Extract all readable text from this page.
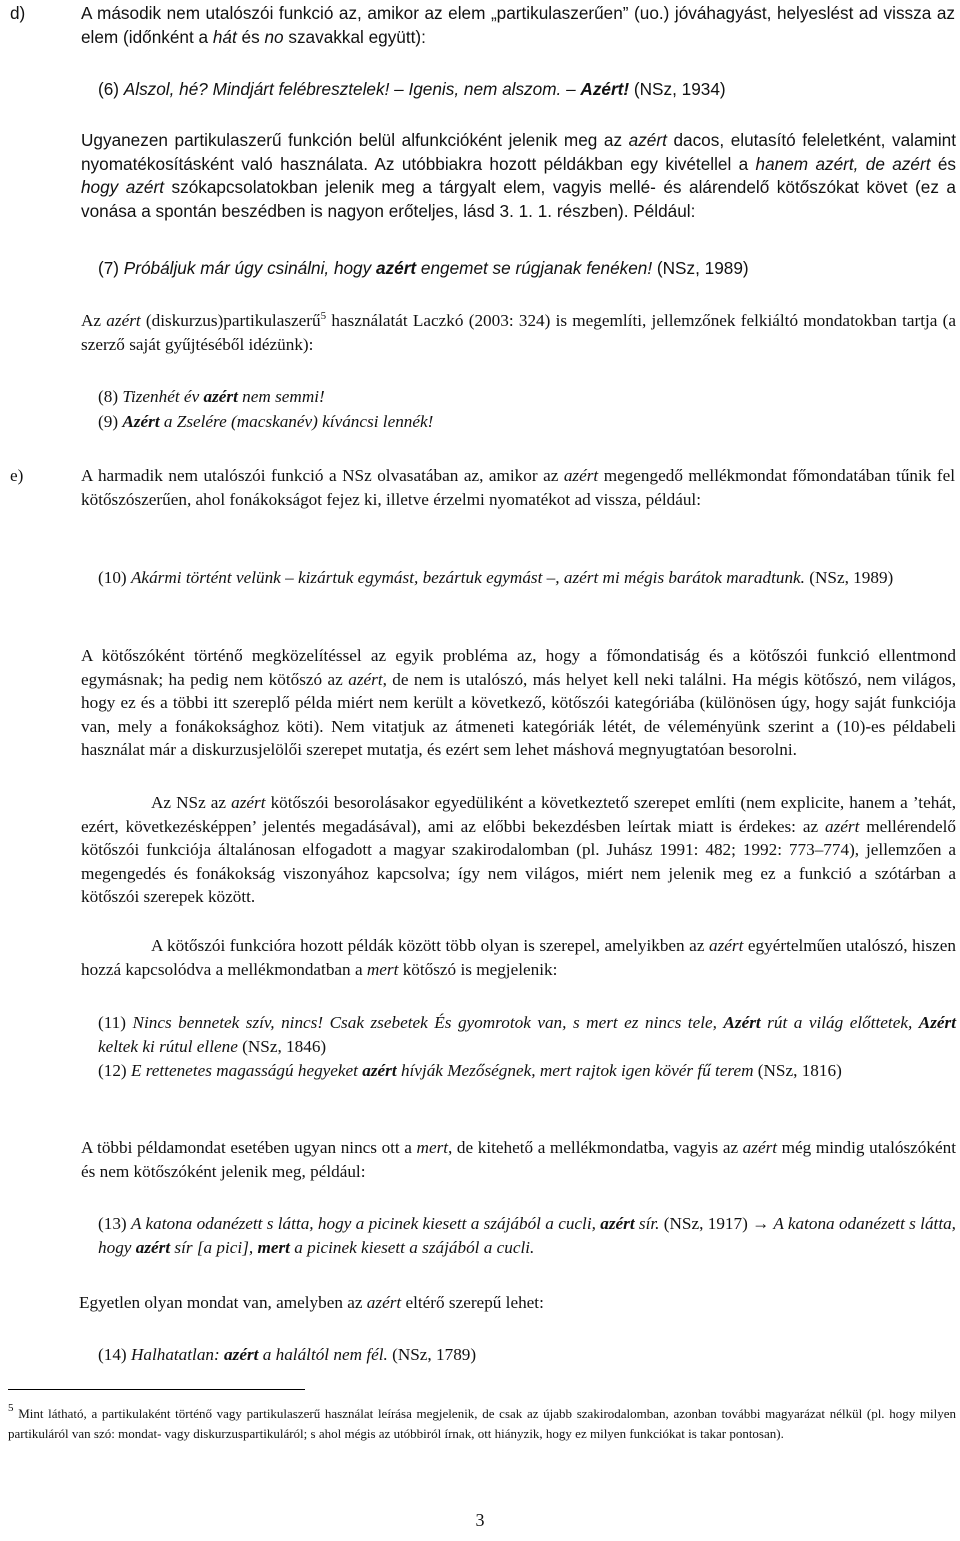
d)	A második nem utalószói funkció az, amikor az elem „partikulaszerűen” (uo.) jóváhagyást, helyeslést ad vissza az elem (időnként a hát és no szavakkal együtt):
(6) Alszol, hé? Mindjárt felébresztelek! – Igenis, nem alszom. – Azért! (NSz, 1934)
Ugyanezen partikulaszerű funkción belül alfunkcióként jelenik meg az azért dacos, elutasító feleletként, valamint nyomatékosításként való használata. Az utóbbiakra hozott példákban egy kivétellel a hanem azért, de azért és hogy azért szókapcsolatokban jelenik meg a tárgyalt elem, vagyis mellé- és alárendelő kötőszókat követ (ez a vonása a spontán beszédben is nagyon erőteljes, lásd 3. 1. 1. részben). Például:
(7) Próbáljuk már úgy csinálni, hogy azért engemet se rúgjanak fenéken! (NSz, 1989)
Az azért (diskurzus)partikulaszerű$^5$ használatát Laczkó (2003: 324) is megemlíti, jellemzőnek felkiáltó mondatokban tartja (a szerző saját gyűjtéséből idézünk):
(8) Tizenhét év azért nem semmi!
(9) Azért a Zselére (macskanév) kíváncsi lennék!
e)	A harmadik nem utalószói funkció a NSz olvasatában az, amikor az azért megengedő mellékmondat főmondatában tűnik fel kötőszószerűen, ahol fonákokságot fejez ki, illetve érzelmi nyomatékot ad vissza, például:
(10) Akármi történt velünk – kizártuk egymást, bezártuk egymást –, azért mi mégis barátok maradtunk. (NSz, 1989)
A kötőszóként történő megközelítéssel az egyik probléma az, hogy a főmondatiság és a kötőszói funkció ellentmond egymásnak; ha pedig nem kötőszó az azért, de nem is utalószó, más helyet kell neki találni. Ha mégis kötőszó, nem világos, hogy ez és a többi itt szereplő példa miért nem került a következő, kötőszói kategóriába (különösen úgy, hogy saját funkciója van, mely a fonákoksághoz köti). Nem vitatjuk az átmeneti kategóriák létét, de véleményünk szerint a (10)-es példabeli használat már a diskurzusjelölői szerepet mutatja, és ezért sem lehet máshová megnyugtatóan besorolni.
Az NSz az azért kötőszói besorolásakor egyedüliként a következtető szerepet említi (nem explicite, hanem a ’tehát, ezért, következésképpen’ jelentés megadásával), ami az előbbi bekezdésben leírtak miatt is érdekes: az azért mellérendelő kötőszói funkciója általánosan elfogadott a magyar szakirodalomban (pl. Juhász 1991: 482; 1992: 773–774), jellemzően a megengedés és fonákokság viszonyához kapcsolva; így nem világos, miért nem jelenik meg ez a funkció a szótárban a kötőszói szerepek között.
A kötőszói funkcióra hozott példák között több olyan is szerepel, amelyikben az azért egyértelműen utalószó, hiszen hozzá kapcsolódva a mellékmondatban a mert kötőszó is megjelenik:
(11) Nincs bennetek szív, nincs! Csak zsebetek És gyomrotok van, s mert ez nincs tele, Azért rút a világ előttetek, Azért keltek ki rútul ellene (NSz, 1846)
(12) E rettenetes magasságú hegyeket azért hívják Mezőségnek, mert rajtok igen kövér fű terem (NSz, 1816)
A többi példamondat esetében ugyan nincs ott a mert, de kitehető a mellékmondatba, vagyis az azért még mindig utalószóként és nem kötőszóként jelenik meg, például:
(13) A katona odanézett s látta, hogy a picinek kiesett a szájából a cucli, azért sír. (NSz, 1917) → A katona odanézett s látta, hogy azért sír [a pici], mert a picinek kiesett a szájából a cucli.
Egyetlen olyan mondat van, amelyben az azért eltérő szerepű lehet:
(14) Halhatatlan: azért a haláltól nem fél. (NSz, 1789)
$^5$ Mint látható, a partikulaként történő vagy partikulaszerű használat leírása megjelenik, de csak az újabb szakirodalomban, azonban további magyarázat nélkül (pl. hogy milyen partikuláról van szó: mondat- vagy diskurzuspartikuláról; s ahol mégis az utóbbiról írnak, ott hiányzik, hogy ez milyen funkciókat is takar pontosan).
3
